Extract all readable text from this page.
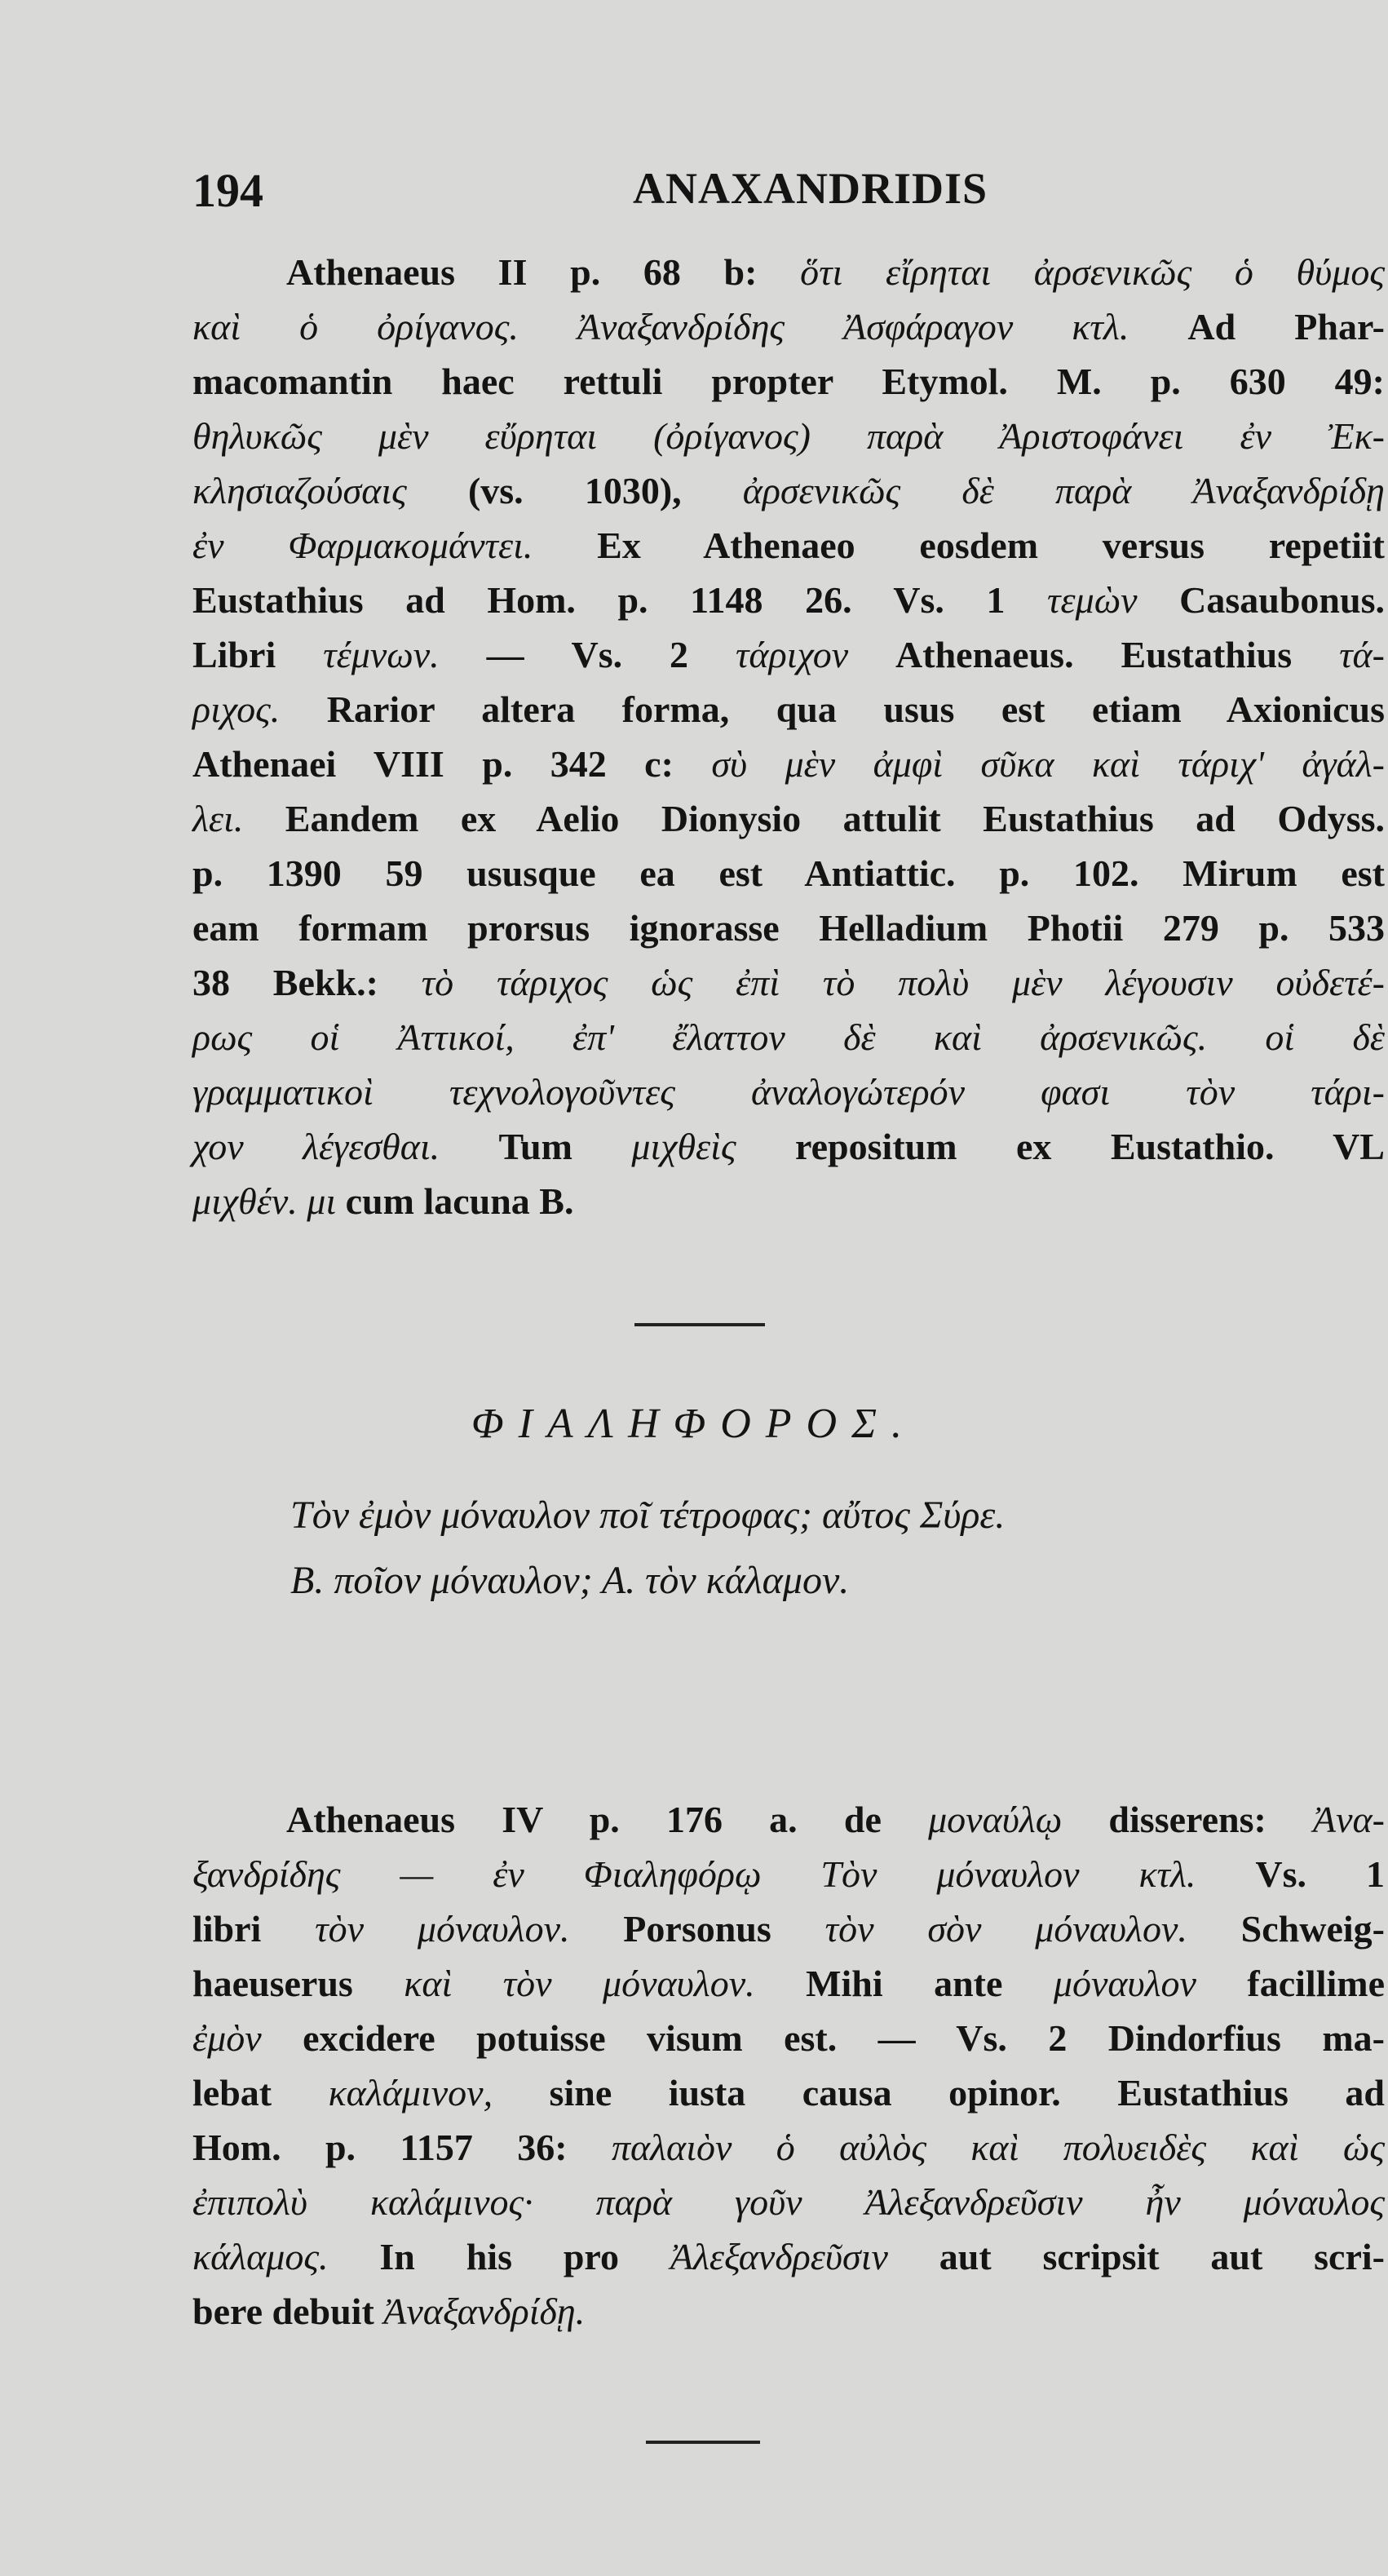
194	ANAXANDRIDIS
Athenaeus II p. 68 b: ὅτι εἴρηται ἀρσενικῶς ὁ θύμος
καὶ ὁ ὀρίγανος. Ἀναξανδρίδης Ἀσφάραγον κτλ. Ad Phar-
macomantin haec rettuli propter Etymol. M. p. 630 49:
θηλυκῶς μὲν εὔρηται (ὀρίγανος) παρὰ Ἀριστοφάνει ἐν Ἐκ-
κλησιαζούσαις (vs. 1030), ἀρσενικῶς δὲ παρὰ Ἀναξανδρίδῃ
ἐν Φαρμακομάντει. Ex Athenaeo eosdem versus repetiit
Eustathius ad Hom. p. 1148 26. Vs. 1 τεμὼν Casaubonus.
Libri τέμνων. — Vs. 2 τάριχον Athenaeus. Eustathius τά-
ριχος. Rarior altera forma, qua usus est etiam Axionicus
Athenaei VIII p. 342 c: σὺ μὲν ἀμφὶ σῦκα καὶ τάριχ' ἀγάλ-
λει. Eandem ex Aelio Dionysio attulit Eustathius ad Odyss.
p. 1390 59 ususque ea est Antiattic. p. 102. Mirum est
eam formam prorsus ignorasse Helladium Photii 279 p. 533
38 Bekk.: τὸ τάριχος ὡς ἐπὶ τὸ πολὺ μὲν λέγουσιν οὐδετέ-
ρως οἱ Ἀττικοί, ἐπ' ἔλαττον δὲ καὶ ἀρσενικῶς. οἱ δὲ
γραμματικοὶ τεχνολογοῦντες ἀναλογώτερόν φασι τὸν τάρι-
χον λέγεσθαι. Tum μιχθεὶς repositum ex Eustathio. VL
μιχθέν. μι cum lacuna B.
ΦΙΑΛΗΦΟΡΟΣ.
Τὸν ἐμὸν μόναυλον ποῖ τέτροφας; αὔτος Σύρε.
Β. ποῖον μόναυλον; Α. τὸν κάλαμον.
Athenaeus IV p. 176 a. de μοναύλῳ disserens: Ἀνα-
ξανδρίδης — ἐν Φιαληφόρῳ Τὸν μόναυλον κτλ. Vs. 1
libri τὸν μόναυλον. Porsonus τὸν σὸν μόναυλον. Schweig-
haeuserus καὶ τὸν μόναυλον. Mihi ante μόναυλον facillime
ἐμὸν excidere potuisse visum est. — Vs. 2 Dindorfius ma-
lebat καλάμινον, sine iusta causa opinor. Eustathius ad
Hom. p. 1157 36: παλαιὸν ὁ αὐλὸς καὶ πολυειδὲς καὶ ὡς
ἐπιπολὺ καλάμινος· παρὰ γοῦν Ἀλεξανδρεῦσιν ἦν μόναυλος
κάλαμος. In his pro Ἀλεξανδρεῦσιν aut scripsit aut scri-
bere debuit Ἀναξανδρίδῃ.
